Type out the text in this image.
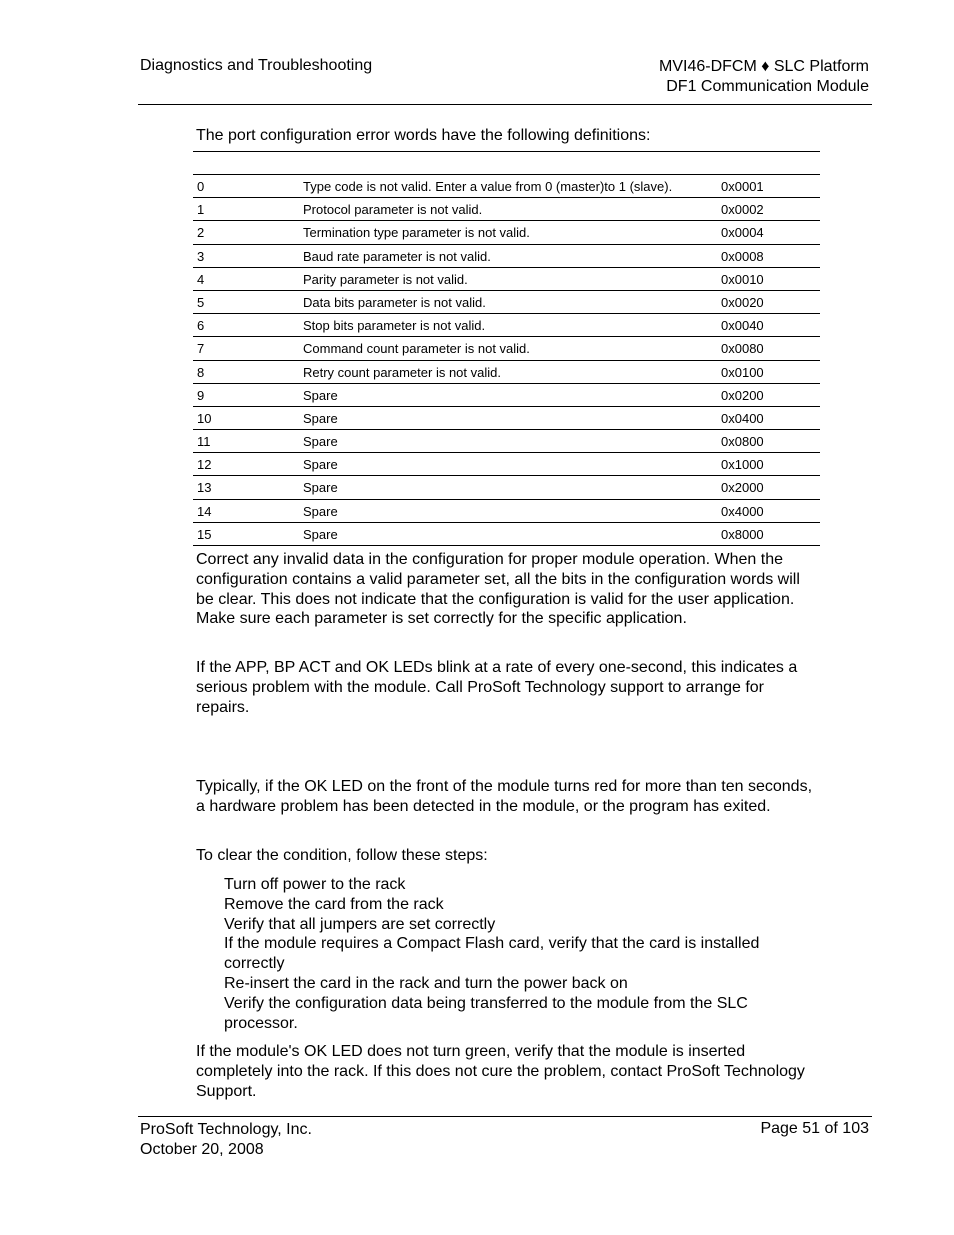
Diagnostics and Troubleshooting	MVI46-DFCM ♦ SLC Platform
DF1 Communication Module
The port configuration error words have the following definitions:
0	Type code is not valid. Enter a value from 0 (master)to 1 (slave).	0x0001
1	Protocol parameter is not valid.	0x0002
2	Termination type parameter is not valid.	0x0004
3	Baud rate parameter is not valid.	0x0008
4	Parity parameter is not valid.	0x0010
5	Data bits parameter is not valid.	0x0020
6	Stop bits parameter is not valid.	0x0040
7	Command count parameter is not valid.	0x0080
8	Retry count parameter is not valid.	0x0100
9	Spare	0x0200
10	Spare	0x0400
11	Spare	0x0800
12	Spare	0x1000
13	Spare	0x2000
14	Spare	0x4000
15	Spare	0x8000

Correct any invalid data in the configuration for proper module operation. When the configuration contains a valid parameter set, all the bits in the configuration words will be clear. This does not indicate that the configuration is valid for the user application. Make sure each parameter is set correctly for the specific application.

If the APP, BP ACT and OK LEDs blink at a rate of every one-second, this indicates a serious problem with the module. Call ProSoft Technology support to arrange for repairs.

Typically, if the OK LED on the front of the module turns red for more than ten seconds, a hardware problem has been detected in the module, or the program has exited.

To clear the condition, follow these steps:

Turn off power to the rack
Remove the card from the rack
Verify that all jumpers are set correctly
If the module requires a Compact Flash card, verify that the card is installed correctly
Re-insert the card in the rack and turn the power back on
Verify the configuration data being transferred to the module from the SLC processor.

If the module's OK LED does not turn green, verify that the module is inserted completely into the rack. If this does not cure the problem, contact ProSoft Technology Support.

ProSoft Technology, Inc.
October 20, 2008
Page 51 of 103
